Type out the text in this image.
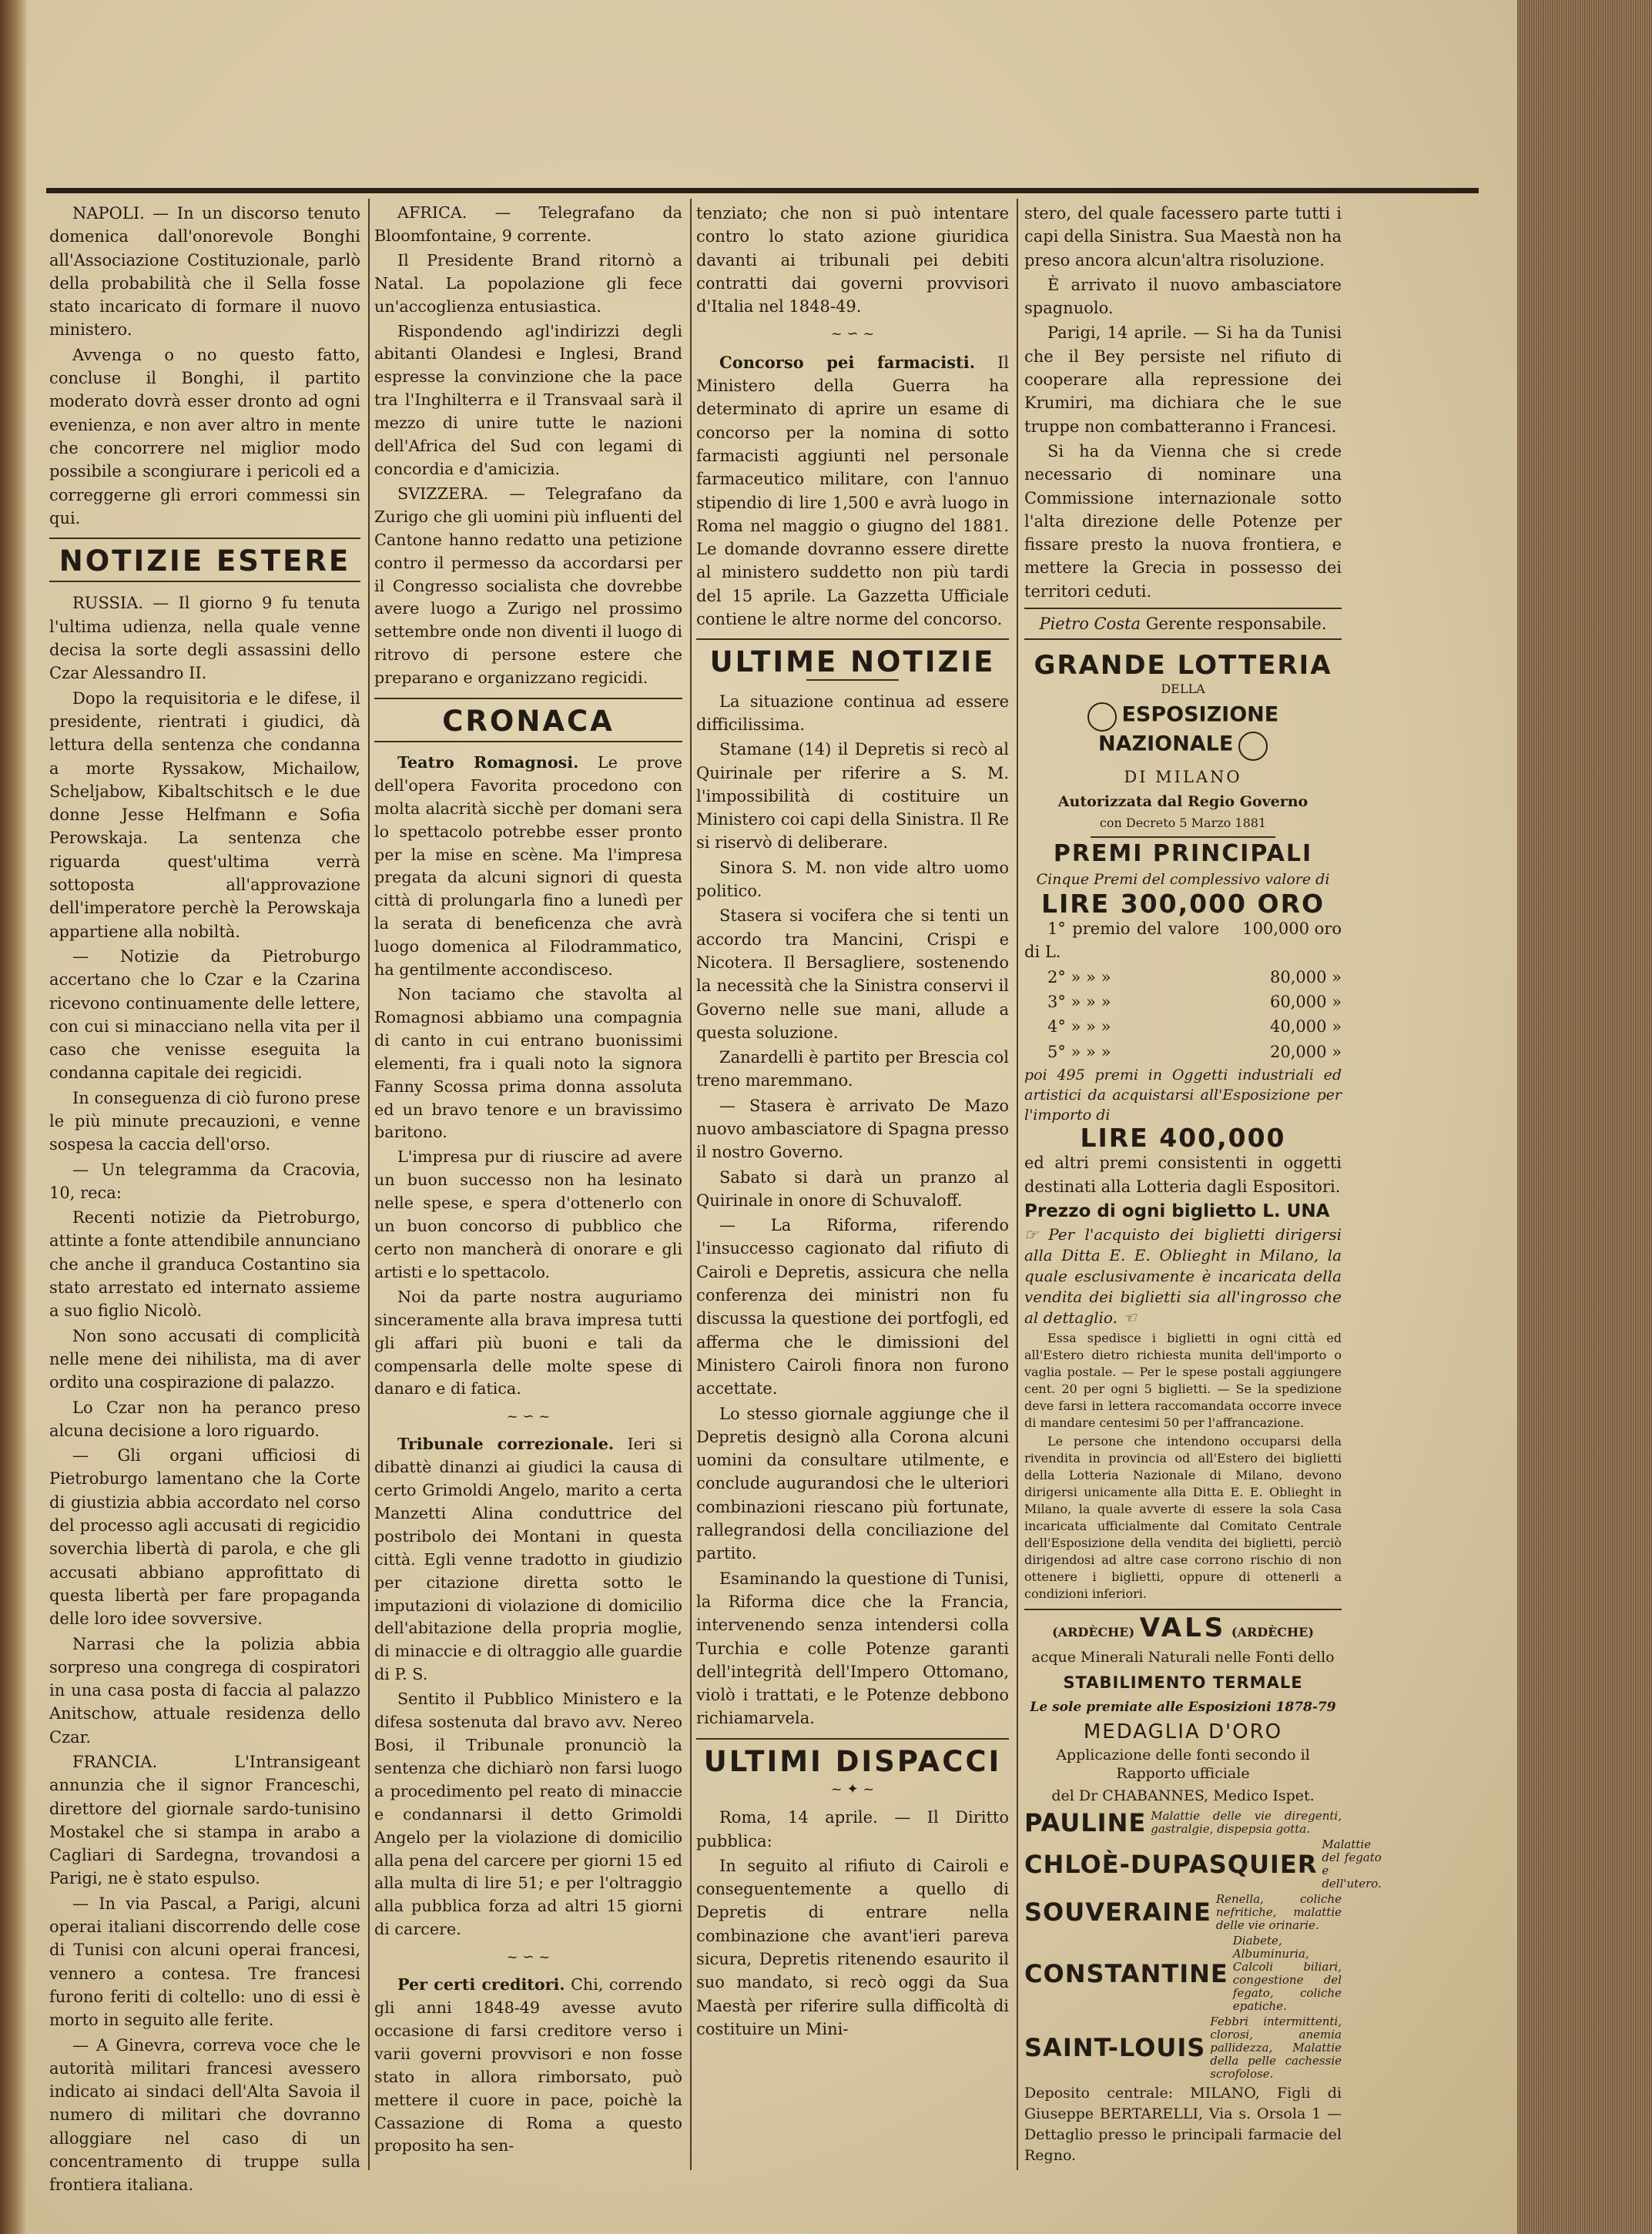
NAPOLI. — In un discorso tenuto domenica dall'onorevole Bonghi all'Associazione Costituzionale, parlò della probabilità che il Sella fosse stato incaricato di formare il nuovo ministero.

Avvenga o no questo fatto, concluse il Bonghi, il partito moderato dovrà esser dronto ad ogni evenienza, e non aver altro in mente che concorrere nel miglior modo possibile a scongiurare i pericoli ed a correggerne gli errori commessi sin qui.

NOTIZIE ESTERE

RUSSIA. — Il giorno 9 fu tenuta l'ultima udienza, nella quale venne decisa la sorte degli assassini dello Czar Alessandro II.

Dopo la requisitoria e le difese, il presidente, rientrati i giudici, dà lettura della sentenza che condanna a morte Ryssakow, Michailow, Scheljabow, Kibaltschitsch e le due donne Jesse Helfmann e Sofia Perowskaja. La sentenza che riguarda quest'ultima verrà sottoposta all'approvazione dell'imperatore perchè la Perowskaja appartiene alla nobiltà.

— Notizie da Pietroburgo accertano che lo Czar e la Czarina ricevono continuamente delle lettere, con cui si minacciano nella vita per il caso che venisse eseguita la condanna capitale dei regicidi.

In conseguenza di ciò furono prese le più minute precauzioni, e venne sospesa la caccia dell'orso.

— Un telegramma da Cracovia, 10, reca:

Recenti notizie da Pietroburgo, attinte a fonte attendibile annunciano che anche il granduca Costantino sia stato arrestato ed internato assieme a suo figlio Nicolò.

Non sono accusati di complicità nelle mene dei nihilista, ma di aver ordito una cospirazione di palazzo.

Lo Czar non ha peranco preso alcuna decisione a loro riguardo.

— Gli organi ufficiosi di Pietroburgo lamentano che la Corte di giustizia abbia accordato nel corso del processo agli accusati di regicidio soverchia libertà di parola, e che gli accusati abbiano approfittato di questa libertà per fare propaganda delle loro idee sovversive.

Narrasi che la polizia abbia sorpreso una congrega di cospiratori in una casa posta di faccia al palazzo Anitschow, attuale residenza dello Czar.

FRANCIA. L'Intransigeant annunzia che il signor Franceschi, direttore del giornale sardo-tunisino Mostakel che si stampa in arabo a Cagliari di Sardegna, trovandosi a Parigi, ne è stato espulso.

— In via Pascal, a Parigi, alcuni operai italiani discorrendo delle cose di Tunisi con alcuni operai francesi, vennero a contesa. Tre francesi furono feriti di coltello: uno di essi è morto in seguito alle ferite.

— A Ginevra, correva voce che le autorità militari francesi avessero indicato ai sindaci dell'Alta Savoia il numero di militari che dovranno alloggiare nel caso di un concentramento di truppe sulla frontiera italiana.

AFRICA. — Telegrafano da Bloomfontaine, 9 corrente.

Il Presidente Brand ritornò a Natal. La popolazione gli fece un'accoglienza entusiastica.

Rispondendo agl'indirizzi degli abitanti Olandesi e Inglesi, Brand espresse la convinzione che la pace tra l'Inghilterra e il Transvaal sarà il mezzo di unire tutte le nazioni dell'Africa del Sud con legami di concordia e d'amicizia.

SVIZZERA. — Telegrafano da Zurigo che gli uomini più influenti del Cantone hanno redatto una petizione contro il permesso da accordarsi per il Congresso socialista che dovrebbe avere luogo a Zurigo nel prossimo settembre onde non diventi il luogo di ritrovo di persone estere che preparano e organizzano regicidi.

CRONACA

Teatro Romagnosi. Le prove dell'opera Favorita procedono con molta alacrità sicchè per domani sera lo spettacolo potrebbe esser pronto per la mise en scène. Ma l'impresa pregata da alcuni signori di questa città di prolungarla fino a lunedì per la serata di beneficenza che avrà luogo domenica al Filodrammatico, ha gentilmente accondisceso.

Non taciamo che stavolta al Romagnosi abbiamo una compagnia di canto in cui entrano buonissimi elementi, fra i quali noto la signora Fanny Scossa prima donna assoluta ed un bravo tenore e un bravissimo baritono.

L'impresa pur di riuscire ad avere un buon successo non ha lesinato nelle spese, e spera d'ottenerlo con un buon concorso di pubblico che certo non mancherà di onorare e gli artisti e lo spettacolo.

Noi da parte nostra auguriamo sinceramente alla brava impresa tutti gli affari più buoni e tali da compensarla delle molte spese di danaro e di fatica.

~ ∽ ~

Tribunale correzionale. Ieri si dibattè dinanzi ai giudici la causa di certo Grimoldi Angelo, marito a certa Manzetti Alina conduttrice del postribolo dei Montani in questa città. Egli venne tradotto in giudizio per citazione diretta sotto le imputazioni di violazione di domicilio dell'abitazione della propria moglie, di minaccie e di oltraggio alle guardie di P. S.

Sentito il Pubblico Ministero e la difesa sostenuta dal bravo avv. Nereo Bosi, il Tribunale pronunciò la sentenza che dichiarò non farsi luogo a procedimento pel reato di minaccie e condannarsi il detto Grimoldi Angelo per la violazione di domicilio alla pena del carcere per giorni 15 ed alla multa di lire 51; e per l'oltraggio alla pubblica forza ad altri 15 giorni di carcere.

~ ∽ ~

Per certi creditori. Chi, correndo gli anni 1848-49 avesse avuto occasione di farsi creditore verso i varii governi provvisori e non fosse stato in allora rimborsato, può mettere il cuore in pace, poichè la Cassazione di Roma a questo proposito ha sen-

tenziato; che non si può intentare contro lo stato azione giuridica davanti ai tribunali pei debiti contratti dai governi provvisori d'Italia nel 1848-49.

~ ∽ ~

Concorso pei farmacisti. Il Ministero della Guerra ha determinato di aprire un esame di concorso per la nomina di sotto farmacisti aggiunti nel personale farmaceutico militare, con l'annuo stipendio di lire 1,500 e avrà luogo in Roma nel maggio o giugno del 1881. Le domande dovranno essere dirette al ministero suddetto non più tardi del 15 aprile. La Gazzetta Ufficiale contiene le altre norme del concorso.

ULTIME NOTIZIE

La situazione continua ad essere difficilissima.

Stamane (14) il Depretis si recò al Quirinale per riferire a S. M. l'impossibilità di costituire un Ministero coi capi della Sinistra. Il Re si riservò di deliberare.

Sinora S. M. non vide altro uomo politico.

Stasera si vociferа che si tenti un accordo tra Mancini, Crispi e Nicotera. Il Bersagliere, sostenendo la necessità che la Sinistra conservi il Governo nelle sue mani, allude a questa soluzione.

Zanardelli è partito per Brescia col treno maremmano.

— Stasera è arrivato De Mazo nuovo ambasciatore di Spagna presso il nostro Governo.

Sabato si darà un pranzo al Quirinale in onore di Schuvaloff.

— La Riforma, riferendo l'insuccesso cagionato dal rifiuto di Cairoli e Depretis, assicura che nella conferenza dei ministri non fu discussa la questione dei portfogli, ed afferma che le dimissioni del Ministero Cairoli finora non furono accettate.

Lo stesso giornale aggiunge che il Depretis designò alla Corona alcuni uomini da consultare utilmente, e conclude augurandosi che le ulteriori combinazioni riescano più fortunate, rallegrandosi della conciliazione del partito.

Esaminando la questione di Tunisi, la Riforma dice che la Francia, intervenendo senza intendersi colla Turchia e colle Potenze garanti dell'integrità dell'Impero Ottomano, violò i trattati, e le Potenze debbono richiamarvela.

ULTIMI DISPACCI

~ ✦ ~

Roma, 14 aprile. — Il Diritto pubblica:

In seguito al rifiuto di Cairoli e conseguentemente a quello di Depretis di entrare nella combinazione che avant'ieri pareva sicura, Depretis ritenendo esaurito il suo mandato, si recò oggi da Sua Maestà per riferire sulla difficoltà di costituire un Mini-

stero, del quale facessero parte tutti i capi della Sinistra. Sua Maestà non ha preso ancora alcun'altra risoluzione.

È arrivato il nuovo ambasciatore spagnuolo.

Parigi, 14 aprile. — Si ha da Tunisi che il Bey persiste nel rifiuto di cooperare alla repressione dei Krumiri, ma dichiara che le sue truppe non combatteranno i Francesi.

Si ha da Vienna che si crede necessario di nominare una Commissione internazionale sotto l'alta direzione delle Potenze per fissare presto la nuova frontiera, e mettere la Grecia in possesso dei territori ceduti.

Pietro Costa Gerente responsabile.

GRANDE LOTTERIA

DELLA

ESPOSIZIONE NAZIONALE

DI MILANO

Autorizzata dal Regio Governo

con Decreto 5 Marzo 1881

PREMI PRINCIPALI

Cinque Premi del complessivo valore di

LIRE 300,000 ORO

1° premio del valore di L.
100,000 oro

2° » » »	80,000 »

3° » » »	60,000 »

4° » » »	40,000 »

5° » » »	20,000 »

poi 495 premi in Oggetti industriali ed artistici da acquistarsi all'Esposizione per l'importo di

LIRE 400,000

ed altri premi consistenti in oggetti destinati alla Lotteria dagli Espositori.

Prezzo di ogni biglietto L. UNA

☞ Per l'acquisto dei biglietti dirigersi alla Ditta E. E. Oblieght in Milano, la quale esclusivamente è incaricata della vendita dei biglietti sia all'ingrosso che al dettaglio. ☜

Essa spedisce i biglietti in ogni città ed all'Estero dietro richiesta munita dell'importo o vaglia postale. — Per le spese postali aggiungere cent. 20 per ogni 5 biglietti. — Se la spedizione deve farsi in lettera raccomandata occorre invece di mandare centesimi 50 per l'affrancazione.

Le persone che intendono occuparsi della rivendita in provincia od all'Estero dei biglietti della Lotteria Nazionale di Milano, devono dirigersi unicamente alla Ditta E. E. Oblieght in Milano, la quale avverte di essere la sola Casa incaricata ufficialmente dal Comitato Centrale dell'Esposizione della vendita dei biglietti, perciò dirigendosi ad altre case corrono rischio di non ottenere i biglietti, oppure di ottenerli a condizioni inferiori.

(ARDÈCHE) VALS (ARDÈCHE)

acque Minerali Naturali nelle Fonti dello

STABILIMENTO TERMALE

Le sole premiate alle Esposizioni 1878-79

MEDAGLIA D'ORO

Applicazione delle fonti secondo il Rapporto ufficiale

del Dr CHABANNES, Medico Ispet.

PAULINE Malattie delle vie diregenti, gastralgie, dispepsia gotta.

CHLOÈ-DUPASQUIER
Malattie del fegato e dell'utero.

SOUVERAINE Renella, coliche nefritiche, malattie delle vie orinarie.

CONSTANTINE
Diabete, Albuminuria, Calcoli biliari, congestione del fegato, coliche epatiche.

SAINT-LOUIS
Febbri intermittenti, clorosi, anemia pallidezza, Malattie della pelle cachessie scrofolose.

Deposito centrale: MILANO, Figli di Giuseppe BERTARELLI, Via s. Orsola 1 — Dettaglio presso le principali farmacie del Regno.
